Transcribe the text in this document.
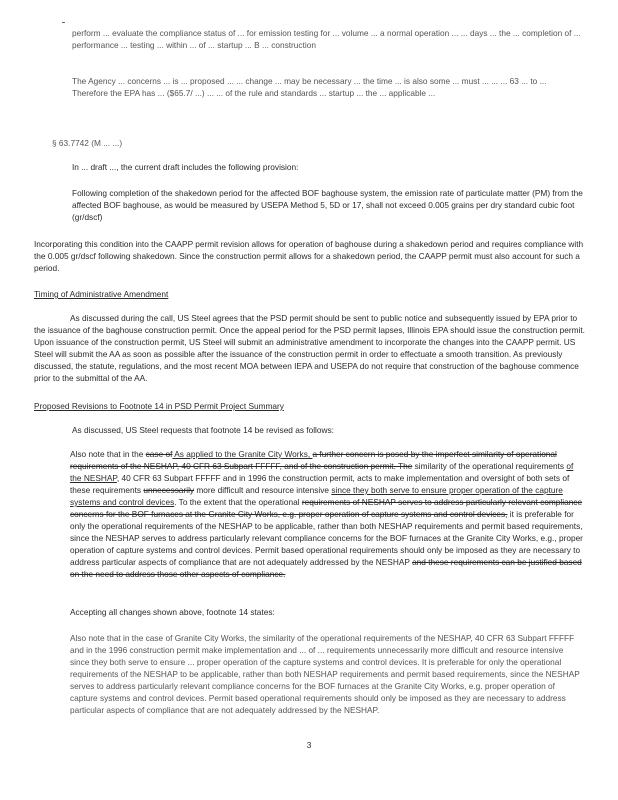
perform ... evaluate the compliance status of ... for emission testing for ... volume ... a normal operation ... ... days ... the ... completion of ... performance ... testing ... within ... of ... startup ... B ... construction

The Agency ... concerns ... is ... proposed ... ... change ... may be necessary ... the time ... is also some ... must ... ... ... 63 ... to ... Therefore the EPA has ... ($65.7/ ...) ... ... of the rule and standards ... startup ... the ... applicable ...

§ 63.7742 (M ... ...)

In ... draft ..., the current draft includes the following provision:

Following completion of the shakedown period for the affected BOF baghouse system, the emission rate of particulate matter (PM) from the affected BOF baghouse, as would be measured by USEPA Method 5, 5D or 17, shall not exceed 0.005 grains per dry standard cubic foot (gr/dscf)

Incorporating this condition into the CAAPP permit revision allows for operation of baghouse during a shakedown period and requires compliance with the 0.005 gr/dscf following shakedown. Since the construction permit allows for a shakedown period, the CAAPP permit must also account for such a period.

Timing of Administrative Amendment

As discussed during the call, US Steel agrees that the PSD permit should be sent to public notice and subsequently issued by EPA prior to the issuance of the baghouse construction permit. Once the appeal period for the PSD permit lapses, Illinois EPA should issue the construction permit. Upon issuance of the construction permit, US Steel will submit an administrative amendment to incorporate the changes into the CAAPP permit. US Steel will submit the AA as soon as possible after the issuance of the construction permit in order to effectuate a smooth transition. As previously discussed, the statute, regulations, and the most recent MOA between IEPA and USEPA do not require that construction of the baghouse commence prior to the submittal of the AA.

Proposed Revisions to Footnote 14 in PSD Permit Project Summary

As discussed, US Steel requests that footnote 14 be revised as follows:

Also note that in the case of As applied to the Granite City Works, a further concern is posed by the imperfect similarity of operational requirements of the NESHAP, 40 CFR 63 Subpart FFFFF, and of the construction permit. The similarity of the operational requirements of the NESHAP, 40 CFR 63 Subpart FFFFF and in 1996 the construction permit, acts to make implementation and oversight of both sets of these requirements unnecessarily more difficult and resource intensive since they both serve to ensure proper operation of the capture systems and control devices. To the extent that the operational requirements of NESHAP serves to address particularly relevant compliance concerns for the BOF furnaces at the Granite City Works, e.g. proper operation of capture systems and control devices, it is preferable for only the operational requirements of the NESHAP to be applicable, rather than both NESHAP requirements and permit based requirements, since the NESHAP serves to address particularly relevant compliance concerns for the BOF furnaces at the Granite City Works, e.g., proper operation of capture systems and control devices. Permit based operational requirements should only be imposed as they are necessary to address particular aspects of compliance that are not adequately addressed by the NESHAP and these requirements can be justified based on the need to address those other aspects of compliance.

Accepting all changes shown above, footnote 14 states:

Also note that in the case of Granite City Works, the similarity of the operational requirements of the NESHAP, 40 CFR 63 Subpart FFFFF and in the 1996 construction permit make implementation and ... of ... requirements unnecessarily more difficult and resource intensive since they both serve to ensure ... proper operation of the capture systems and control devices. It is preferable for only the operational requirements of the NESHAP to be applicable, rather than both NESHAP requirements and permit based requirements, since the NESHAP serves to address particularly relevant compliance concerns for the BOF furnaces at the Granite City Works, e.g. proper operation of capture systems and control devices. Permit based operational requirements should only be imposed as they are necessary to address particular aspects of compliance that are not adequately addressed by the NESHAP.

3
